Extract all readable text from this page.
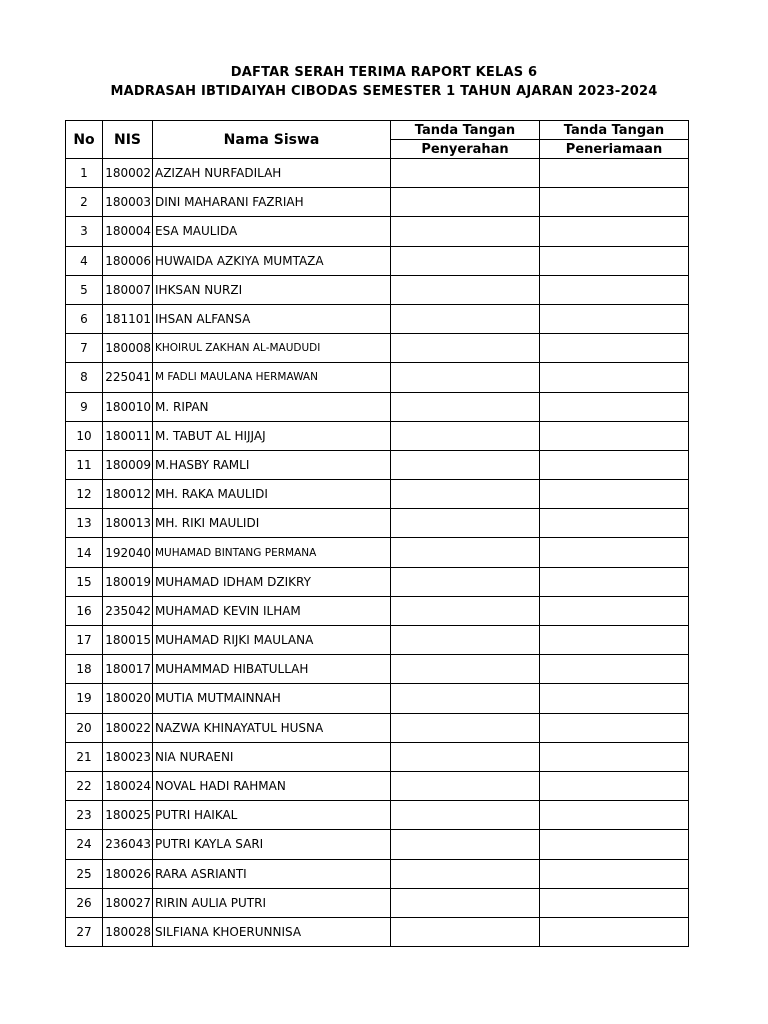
DAFTAR SERAH TERIMA RAPORT KELAS 6
MADRASAH IBTIDAIYAH CIBODAS SEMESTER 1 TAHUN AJARAN 2023-2024
No	NIS	Nama Siswa	Tanda Tangan	Tanda Tangan
			Penyerahan	Peneriamaan
1	180002	AZIZAH NURFADILAH		
2	180003	DINI MAHARANI FAZRIAH		
3	180004	ESA MAULIDA		
4	180006	HUWAIDA AZKIYA MUMTAZA		
5	180007	IHKSAN NURZI		
6	181101	IHSAN ALFANSA		
7	180008	KHOIRUL ZAKHAN AL-MAUDUDI		
8	225041	M FADLI MAULANA HERMAWAN		
9	180010	M. RIPAN		
10	180011	M. TABUT AL HIJJAJ		
11	180009	M.HASBY RAMLI		
12	180012	MH. RAKA MAULIDI		
13	180013	MH. RIKI MAULIDI		
14	192040	MUHAMAD BINTANG PERMANA		
15	180019	MUHAMAD IDHAM DZIKRY		
16	235042	MUHAMAD KEVIN ILHAM		
17	180015	MUHAMAD RIJKI MAULANA		
18	180017	MUHAMMAD HIBATULLAH		
19	180020	MUTIA MUTMAINNAH		
20	180022	NAZWA KHINAYATUL HUSNA		
21	180023	NIA NURAENI		
22	180024	NOVAL HADI RAHMAN		
23	180025	PUTRI HAIKAL		
24	236043	PUTRI KAYLA SARI		
25	180026	RARA ASRIANTI		
26	180027	RIRIN AULIA PUTRI		
27	180028	SILFIANA KHOERUNNISA		
